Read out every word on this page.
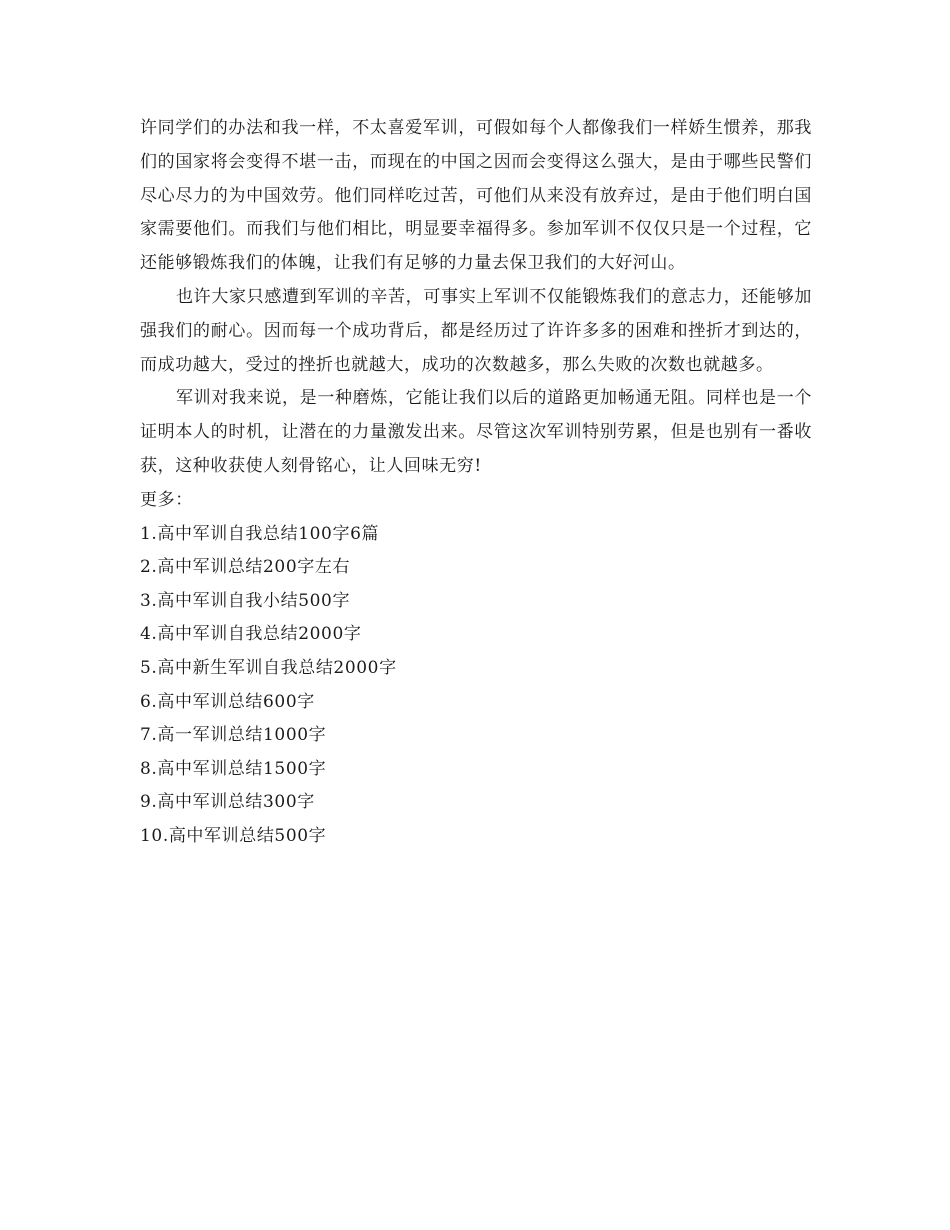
许同学们的办法和我一样，不太喜爱军训，可假如每个人都像我们一样娇生惯养，那我们的国家将会变得不堪一击，而现在的中国之因而会变得这么强大，是由于哪些民警们尽心尽力的为中国效劳。他们同样吃过苦，可他们从来没有放弃过，是由于他们明白国家需要他们。而我们与他们相比，明显要幸福得多。参加军训不仅仅只是一个过程，它还能够锻炼我们的体魄，让我们有足够的力量去保卫我们的大好河山。

也许大家只感遭到军训的辛苦，可事实上军训不仅能锻炼我们的意志力，还能够加强我们的耐心。因而每一个成功背后，都是经历过了许许多多的困难和挫折才到达的，而成功越大，受过的挫折也就越大，成功的次数越多，那么失败的次数也就越多。

军训对我来说，是一种磨炼，它能让我们以后的道路更加畅通无阻。同样也是一个证明本人的时机，让潜在的力量激发出来。尽管这次军训特别劳累，但是也别有一番收获，这种收获使人刻骨铭心，让人回味无穷!

更多：

1.高中军训自我总结100字6篇
2.高中军训总结200字左右
3.高中军训自我小结500字
4.高中军训自我总结2000字
5.高中新生军训自我总结2000字
6.高中军训总结600字
7.高一军训总结1000字
8.高中军训总结1500字
9.高中军训总结300字
10.高中军训总结500字
